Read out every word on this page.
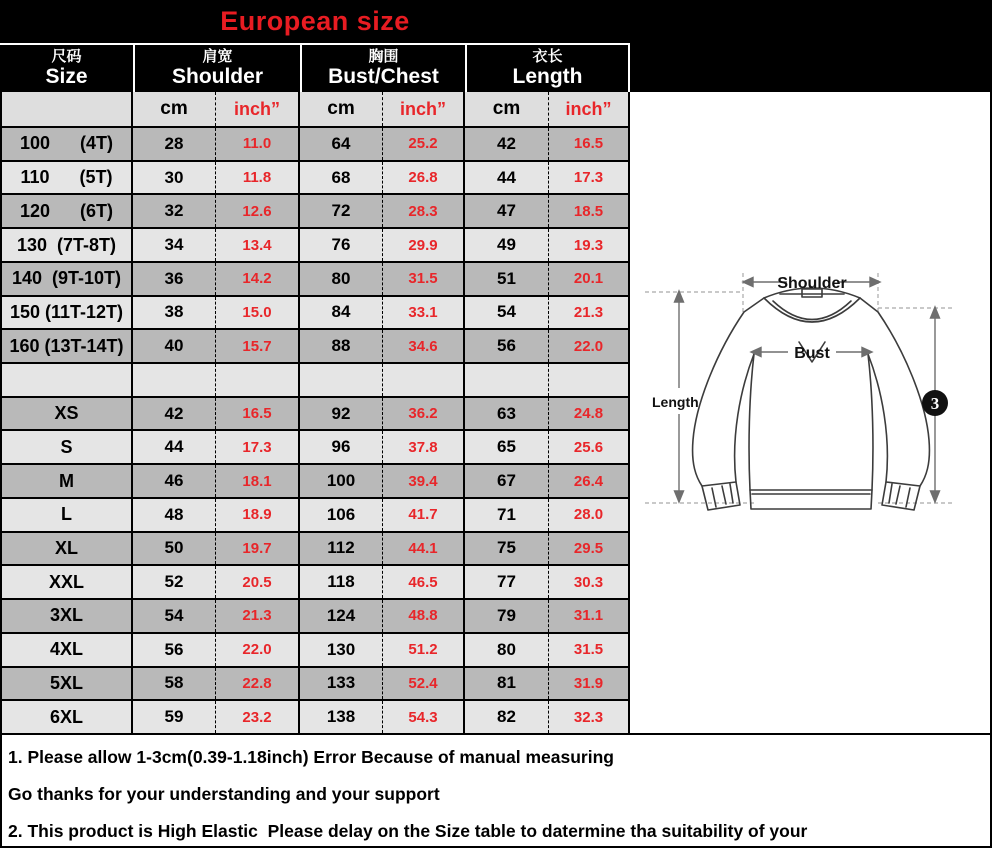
European size
尺码
Size
肩宽
Shoulder
胸围
Bust/Chest
衣长
Length
cm	inch”	cm	inch”	cm	inch”
100      (4T)	28	11.0	64	25.2	42	16.5
110      (5T)	30	11.8	68	26.8	44	17.3
120      (6T)	32	12.6	72	28.3	47	18.5
130  (7T-8T)	34	13.4	76	29.9	49	19.3
140  (9T-10T)	36	14.2	80	31.5	51	20.1
150 (11T-12T)	38	15.0	84	33.1	54	21.3
160 (13T-14T)	40	15.7	88	34.6	56	22.0
XS	42	16.5	92	36.2	63	24.8
S	44	17.3	96	37.8	65	25.6
M	46	18.1	100	39.4	67	26.4
L	48	18.9	106	41.7	71	28.0
XL	50	19.7	112	44.1	75	29.5
XXL	52	20.5	118	46.5	77	30.3
3XL	54	21.3	124	48.8	79	31.1
4XL	56	22.0	130	51.2	80	31.5
5XL	58	22.8	133	52.4	81	31.9
6XL	59	23.2	138	54.3	82	32.3
Shoulder
Bust
Length	3
1. Please allow 1-3cm(0.39-1.18inch) Error Because of manual measuring
Go thanks for your understanding and your support
2. This product is High Elastic  Please delay on the Size table to datermine tha suitability of your
